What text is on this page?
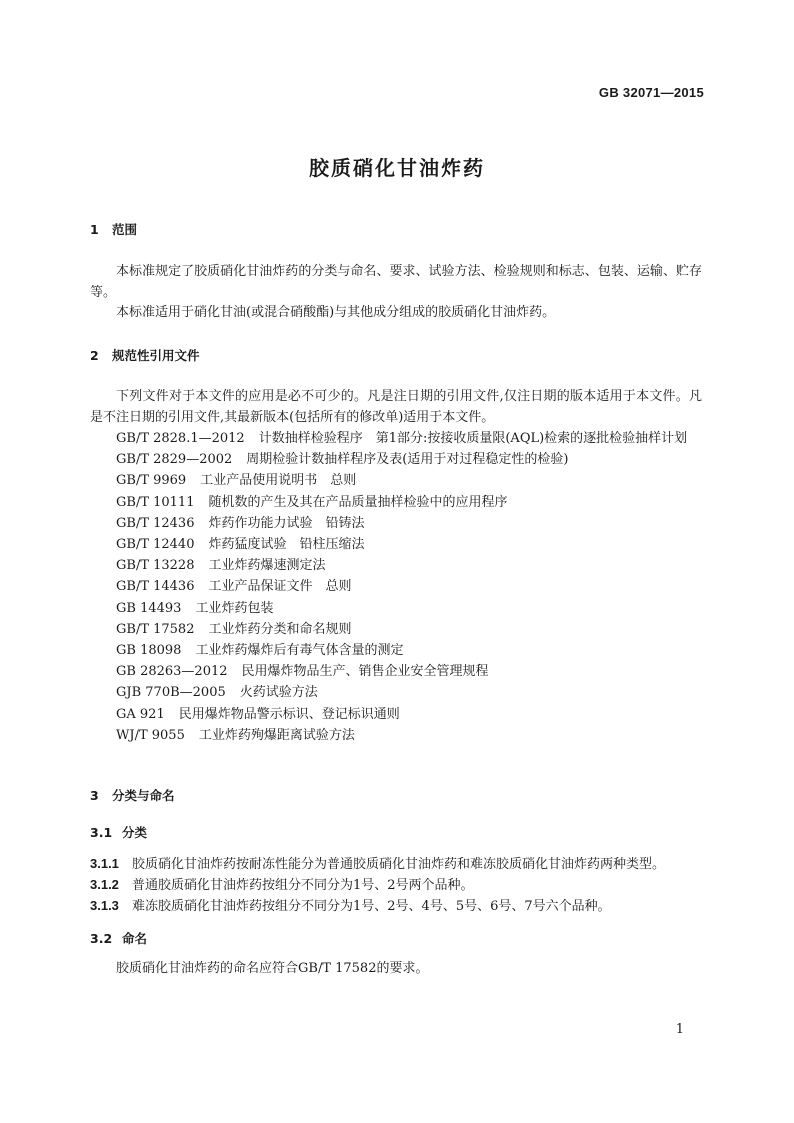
GB 32071—2015
胶质硝化甘油炸药
1 范围

本标准规定了胶质硝化甘油炸药的分类与命名、要求、试验方法、检验规则和标志、包装、运输、贮存等。

本标准适用于硝化甘油(或混合硝酸酯)与其他成分组成的胶质硝化甘油炸药。

2 规范性引用文件

下列文件对于本文件的应用是必不可少的。凡是注日期的引用文件,仅注日期的版本适用于本文件。凡是不注日期的引用文件,其最新版本(包括所有的修改单)适用于本文件。

GB/T 2828.1—2012 计数抽样检验程序　第1部分:按接收质量限(AQL)检索的逐批检验抽样计划
GB/T 2829—2002 周期检验计数抽样程序及表(适用于对过程稳定性的检验)
GB/T 9969 工业产品使用说明书　总则
GB/T 10111 随机数的产生及其在产品质量抽样检验中的应用程序
GB/T 12436 炸药作功能力试验　铅铸法
GB/T 12440 炸药猛度试验　铅柱压缩法
GB/T 13228 工业炸药爆速测定法
GB/T 14436 工业产品保证文件　总则
GB 14493 工业炸药包装
GB/T 17582 工业炸药分类和命名规则
GB 18098 工业炸药爆炸后有毒气体含量的测定
GB 28263—2012 民用爆炸物品生产、销售企业安全管理规程
GJB 770B—2005 火药试验方法
GA 921 民用爆炸物品警示标识、登记标识通则
WJ/T 9055 工业炸药殉爆距离试验方法
3 分类与命名
3.1 分类
3.1.1 胶质硝化甘油炸药按耐冻性能分为普通胶质硝化甘油炸药和难冻胶质硝化甘油炸药两种类型。
3.1.2 普通胶质硝化甘油炸药按组分不同分为1号、2号两个品种。
3.1.3 难冻胶质硝化甘油炸药按组分不同分为1号、2号、4号、5号、6号、7号六个品种。
3.2 命名

胶质硝化甘油炸药的命名应符合GB/T 17582的要求。

1
